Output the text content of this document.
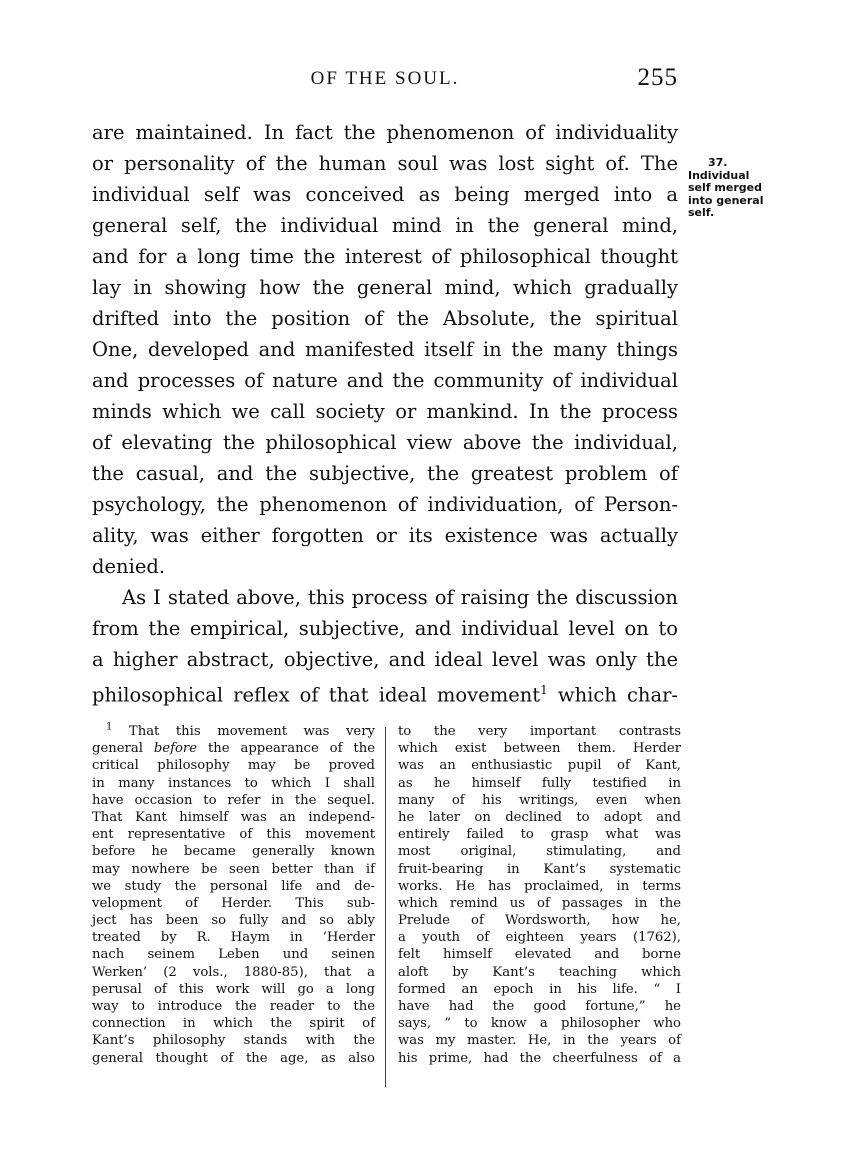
OF THE SOUL.	255
are maintained. In fact the phenomenon of individuality
or personality of the human soul was lost sight of. The
individual self was conceived as being merged into a
general self, the individual mind in the general mind,
and for a long time the interest of philosophical thought
lay in showing how the general mind, which gradually
drifted into the position of the Absolute, the spiritual
One, developed and manifested itself in the many things
and processes of nature and the community of individual
minds which we call society or mankind. In the process
of elevating the philosophical view above the individual,
the casual, and the subjective, the greatest problem of
psychology, the phenomenon of individuation, of Person-
ality, was either forgotten or its existence was actually
denied.
As I stated above, this process of raising the discussion
from the empirical, subjective, and individual level on to
a higher abstract, objective, and ideal level was only the
philosophical reflex of that ideal movement$^1$ which char-
37.
Individual
self merged
into general
self.
$^1$ That this movement was very
general before the appearance of the
critical philosophy may be proved
in many instances to which I shall
have occasion to refer in the sequel.
That Kant himself was an independ-
ent representative of this movement
before he became generally known
may nowhere be seen better than if
we study the personal life and de-
velopment of Herder. This sub-
ject has been so fully and so ably
treated by R. Haym in ‘Herder
nach seinem Leben und seinen
Werken’ (2 vols., 1880-85), that a
perusal of this work will go a long
way to introduce the reader to the
connection in which the spirit of
Kant’s philosophy stands with the
general thought of the age, as also
to the very important contrasts
which exist between them. Herder
was an enthusiastic pupil of Kant,
as he himself fully testified in
many of his writings, even when
he later on declined to adopt and
entirely failed to grasp what was
most original, stimulating, and
fruit-bearing in Kant’s systematic
works. He has proclaimed, in terms
which remind us of passages in the
Prelude of Wordsworth, how he,
a youth of eighteen years (1762),
felt himself elevated and borne
aloft by Kant’s teaching which
formed an epoch in his life. “ I
have had the good fortune,” he
says, “ to know a philosopher who
was my master. He, in the years of
his prime, had the cheerfulness of a
